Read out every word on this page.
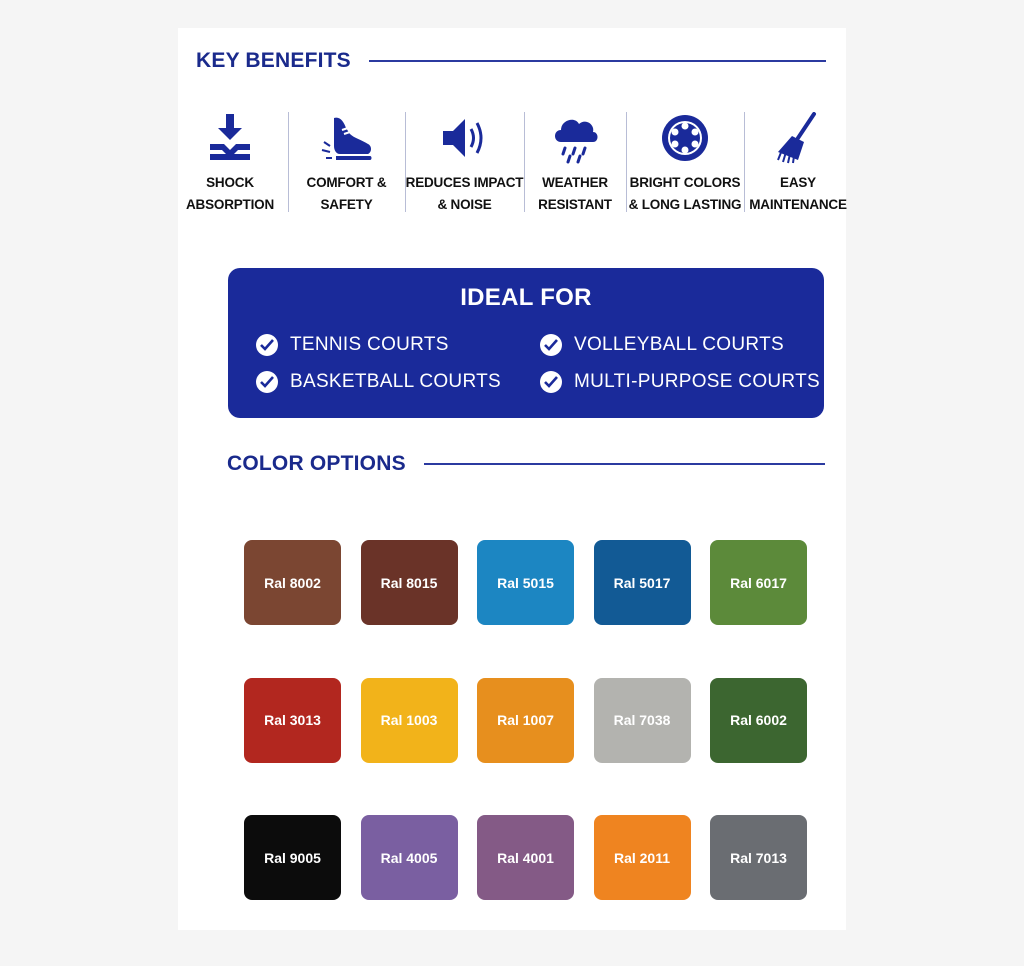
KEY BENEFITS
SHOCK
ABSORPTION
COMFORT &
SAFETY
REDUCES IMPACT
& NOISE
WEATHER
RESISTANT
BRIGHT COLORS
& LONG LASTING
EASY
MAINTENANCE
IDEAL FOR
TENNIS COURTS	VOLLEYBALL COURTS
BASKETBALL COURTS	MULTI-PURPOSE COURTS
COLOR OPTIONS
Ral 8002	Ral 8015	Ral 5015	Ral 5017	Ral 6017
Ral 3013	Ral 1003	Ral 1007	Ral 7038	Ral 6002
Ral 9005	Ral 4005	Ral 4001	Ral 2011	Ral 7013
